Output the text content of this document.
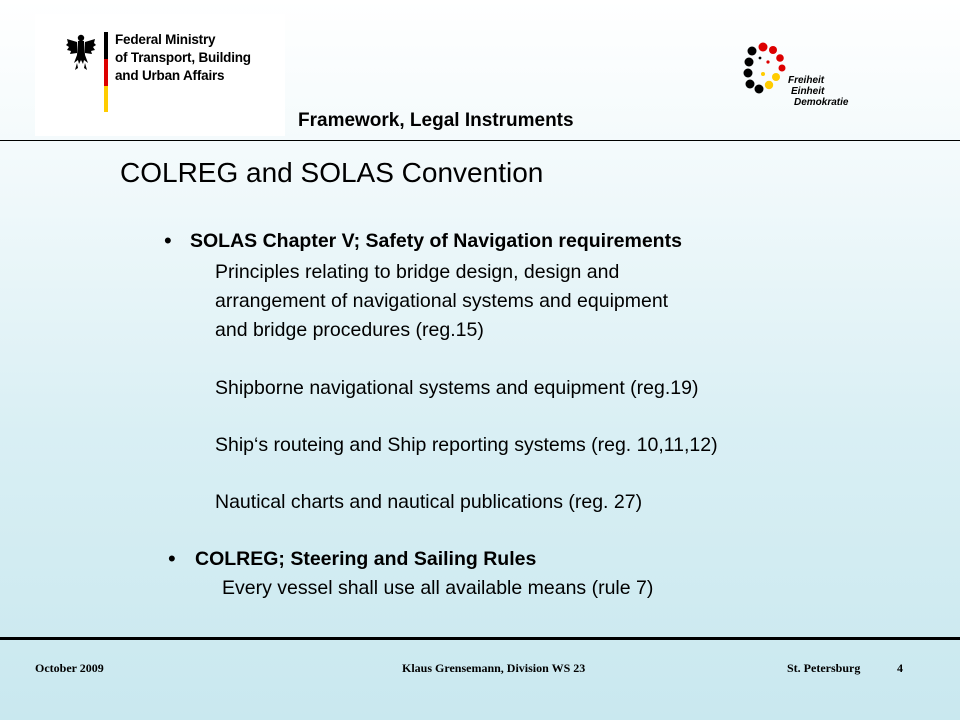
Federal Ministry
of Transport, Building
and Urban Affairs	Freiheit
Einheit
Demokratie
Framework, Legal Instruments
COLREG and SOLAS Convention
• SOLAS Chapter V; Safety of Navigation requirements
Principles relating to bridge design, design and
arrangement of navigational systems and equipment
and bridge procedures (reg.15)
Shipborne navigational systems and equipment (reg.19)
Ship‘s routeing and Ship reporting systems (reg. 10,11,12)
Nautical charts and nautical publications (reg. 27)
• COLREG; Steering and Sailing Rules
Every vessel shall use all available means (rule 7)
October 2009	Klaus Grensemann, Division WS 23	St. Petersburg	4
